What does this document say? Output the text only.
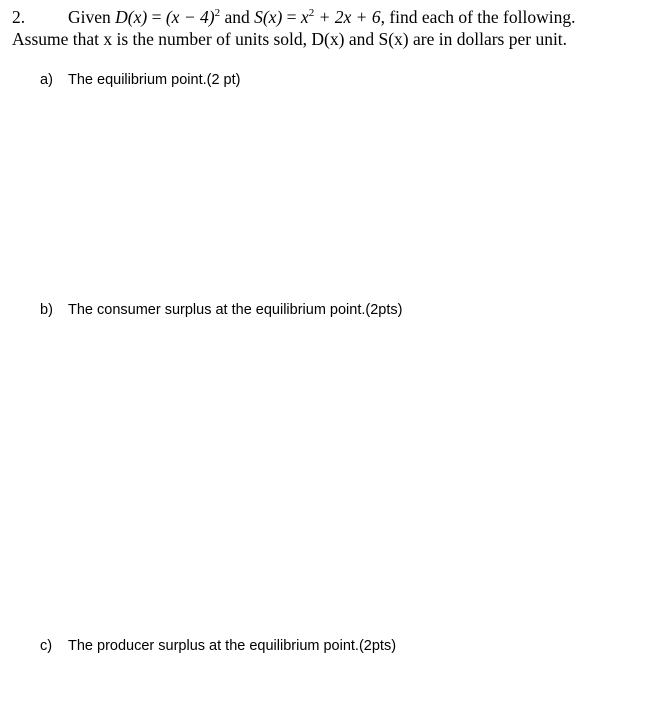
2. Given $D(x) = (x - 4)^2$ and $S(x) = x^2 + 2x + 6$, find each of the following.
Assume that x is the number of units sold, D(x) and S(x) are in dollars per unit.
a) The equilibrium point.(2 pt)
b) The consumer surplus at the equilibrium point.(2pts)
c) The producer surplus at the equilibrium point.(2pts)
